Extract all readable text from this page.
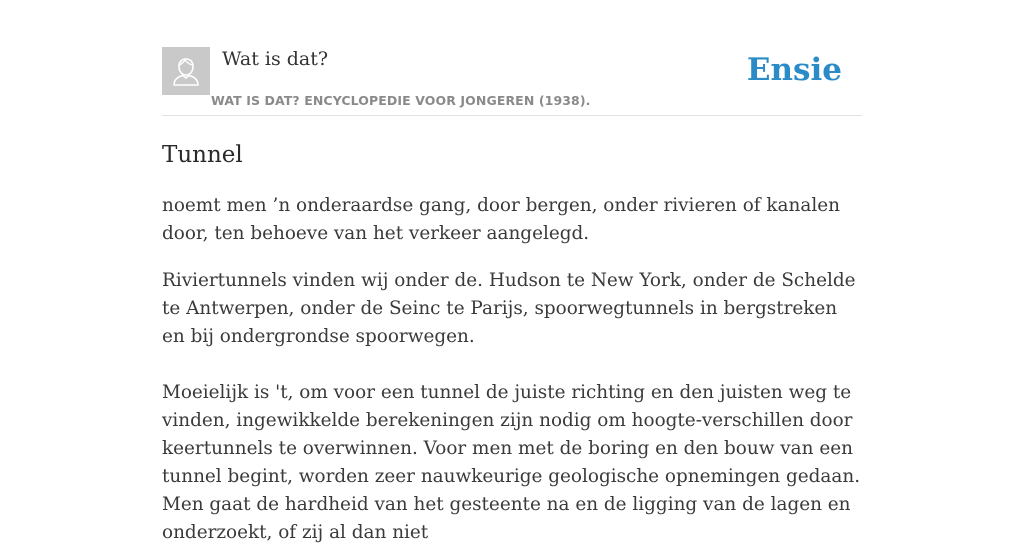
Wat is dat?
WAT IS DAT? ENCYCLOPEDIE VOOR JONGEREN (1938).
Ensie
Tunnel

noemt men ’n onderaardse gang, door bergen, onder rivieren of kanalen door, ten behoeve van het verkeer aangelegd.

Riviertunnels vinden wij onder de. Hudson te New York, onder de Schelde te Antwerpen, onder de Seinc te Parijs, spoorwegtunnels in bergstreken en bij ondergrondse spoorwegen.

Moeielijk is 't, om voor een tunnel de juiste richting en den juisten weg te vinden, ingewikkelde berekeningen zijn nodig om hoogte-verschillen door keertunnels te overwinnen. Voor men met de boring en den bouw van een tunnel begint, worden zeer nauwkeurige geologische opnemingen gedaan. Men gaat de hardheid van het gesteente na en de ligging van de lagen en onderzoekt, of zij al dan niet
